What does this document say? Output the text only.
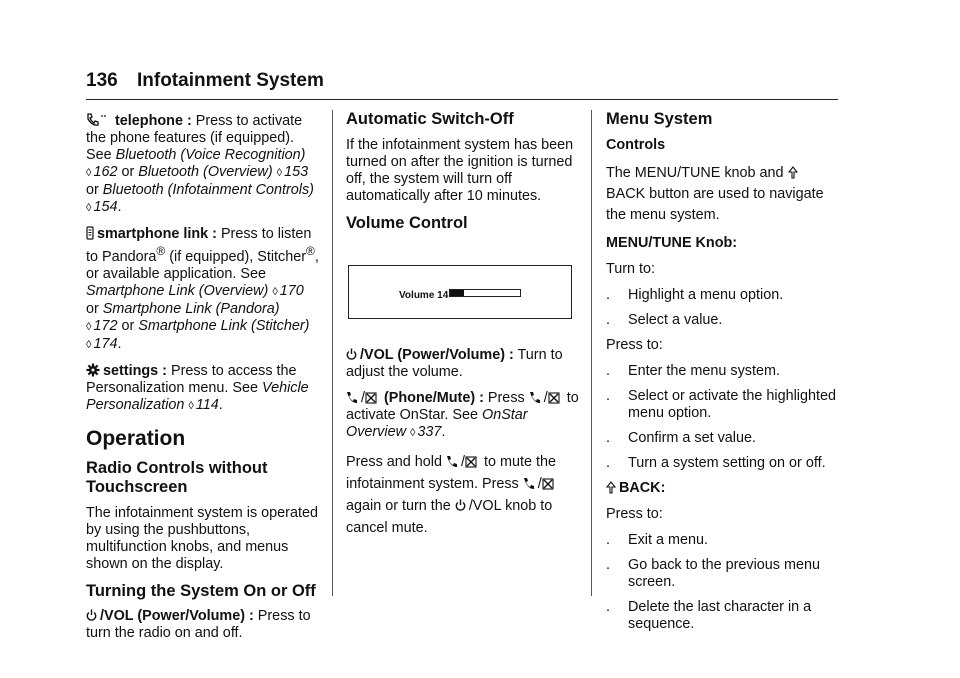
136 Infotainment System

telephone : Press to activate the phone features (if equipped). See Bluetooth (Voice Recognition)
◊ 162 or Bluetooth (Overview) ◊ 153
or Bluetooth (Infotainment Controls)
◊ 154.

smartphone link : Press to listen to Pandora® (if equipped), Stitcher®, or available application. See
Smartphone Link (Overview) ◊ 170
or Smartphone Link (Pandora)
◊ 172 or Smartphone Link (Stitcher)
◊ 174.

settings : Press to access the Personalization menu. See Vehicle Personalization ◊ 114.

Operation
Radio Controls without Touchscreen

The infotainment system is operated by using the pushbuttons, multifunction knobs, and menus shown on the display.

Turning the System On or Off

/VOL (Power/Volume) : Press to turn the radio on and off.

Automatic Switch-Off

If the infotainment system has been turned on after the ignition is turned off, the system will turn off automatically after 10 minutes.

Volume Control
Volume 14

/VOL (Power/Volume) : Turn to adjust the volume.

/ (Phone/Mute) : Press / to activate OnStar. See OnStar Overview ◊ 337.

Press and hold / to mute the infotainment system. Press / again or turn the /VOL knob to cancel mute.

Menu System

Controls

The MENU/TUNE knob and
BACK button are used to navigate the menu system.

MENU/TUNE Knob:

Turn to:

. Highlight a menu option.
. Select a value.

Press to:

. Enter the menu system.
. Select or activate the highlighted menu option.
. Confirm a set value.
. Turn a system setting on or off.

BACK:

Press to:

. Exit a menu.
. Go back to the previous menu screen.
. Delete the last character in a sequence.
